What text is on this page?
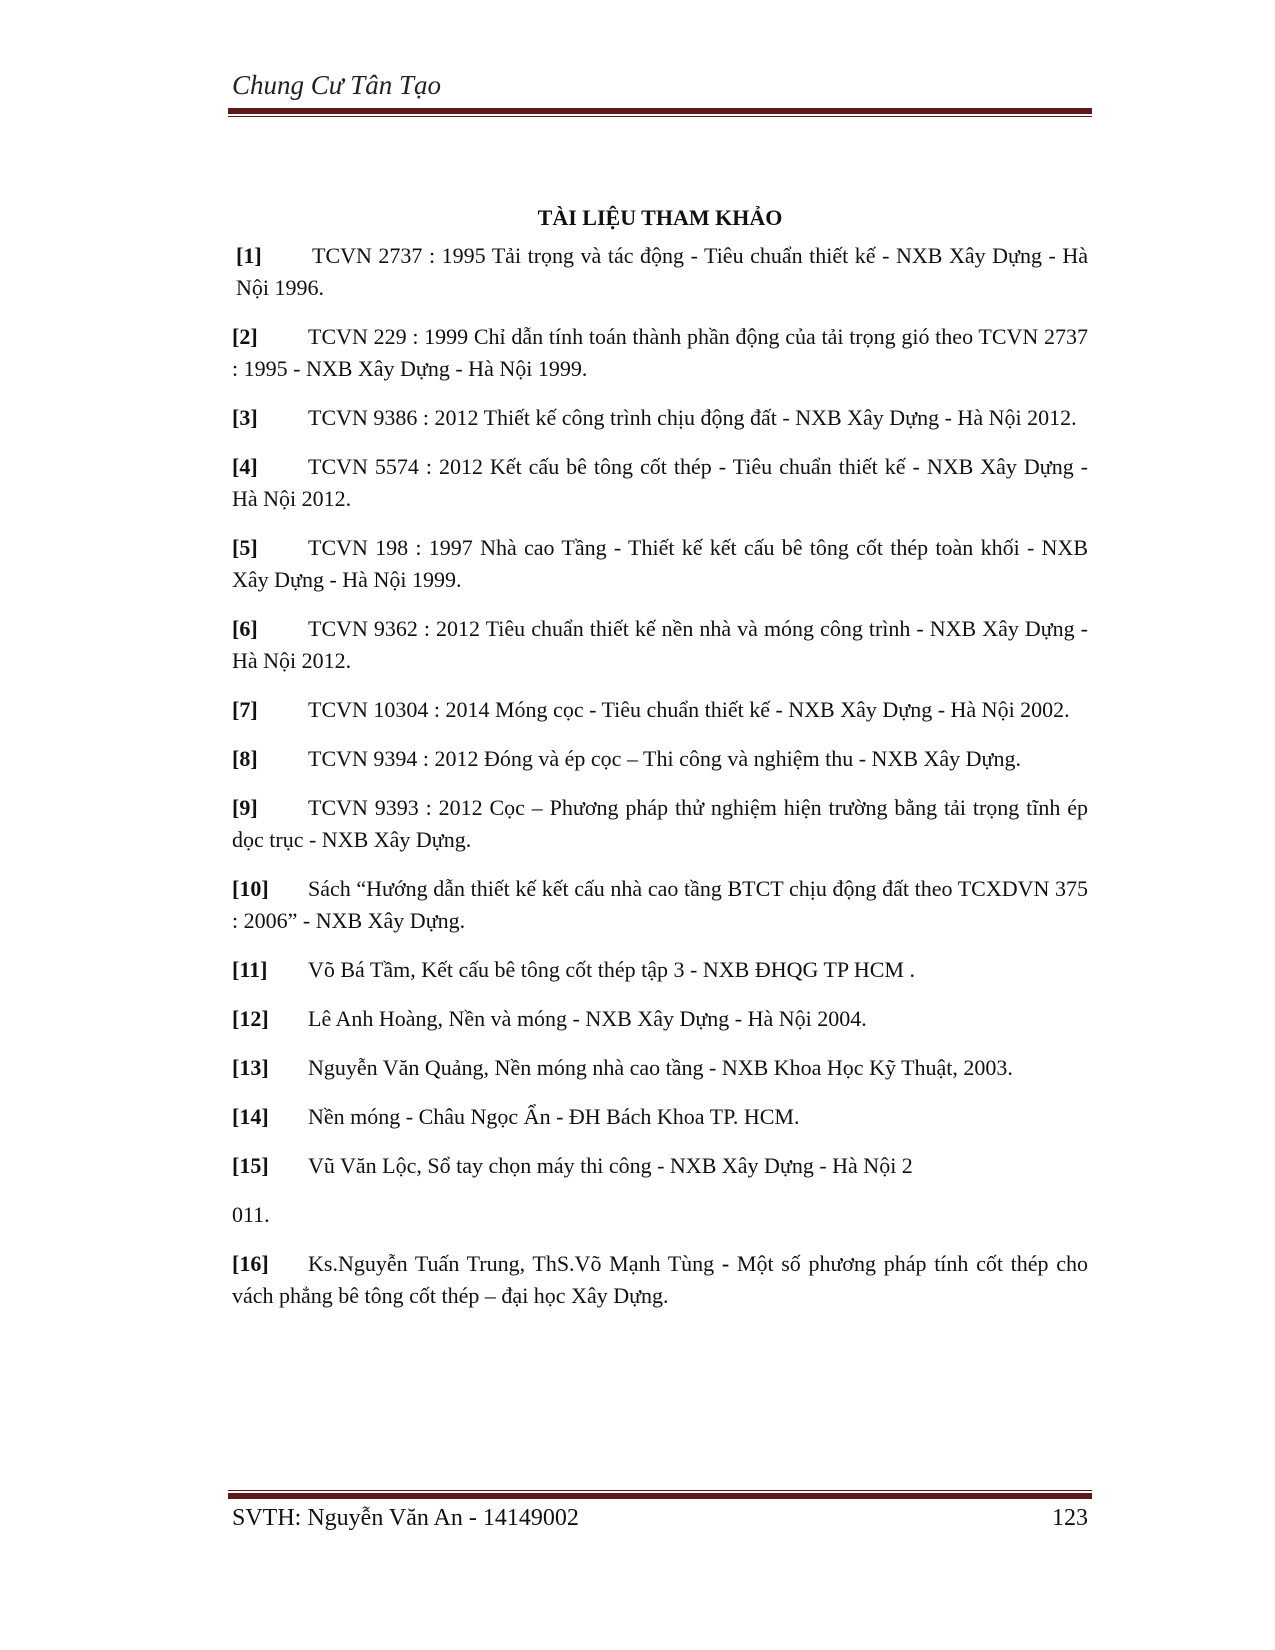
Chung Cư Tân Tạo
TÀI LIỆU THAM KHẢO
[1] TCVN 2737 : 1995 Tải trọng và tác động - Tiêu chuẩn thiết kế - NXB Xây Dựng - Hà Nội 1996.
[2] TCVN 229 : 1999 Chỉ dẫn tính toán thành phần động của tải trọng gió theo TCVN 2737 : 1995 - NXB Xây Dựng - Hà Nội 1999.
[3] TCVN 9386 : 2012 Thiết kế công trình chịu động đất - NXB Xây Dựng - Hà Nội 2012.
[4] TCVN 5574 : 2012 Kết cấu bê tông cốt thép - Tiêu chuẩn thiết kế - NXB Xây Dựng - Hà Nội 2012.
[5] TCVN 198 : 1997 Nhà cao Tầng - Thiết kế kết cấu bê tông cốt thép toàn khối - NXB Xây Dựng - Hà Nội 1999.
[6] TCVN 9362 : 2012 Tiêu chuẩn thiết kế nền nhà và móng công trình - NXB Xây Dựng - Hà Nội 2012.
[7] TCVN 10304 : 2014 Móng cọc - Tiêu chuẩn thiết kế - NXB Xây Dựng - Hà Nội 2002.
[8] TCVN 9394 : 2012 Đóng và ép cọc – Thi công và nghiệm thu - NXB Xây Dựng.
[9] TCVN 9393 : 2012 Cọc – Phương pháp thử nghiệm hiện trường bằng tải trọng tĩnh ép dọc trục - NXB Xây Dựng.
[10] Sách “Hướng dẫn thiết kế kết cấu nhà cao tầng BTCT chịu động đất theo TCXDVN 375 : 2006” - NXB Xây Dựng.
[11] Võ Bá Tầm, Kết cấu bê tông cốt thép tập 3 - NXB ĐHQG TP HCM .
[12] Lê Anh Hoàng, Nền và móng - NXB Xây Dựng - Hà Nội 2004.
[13] Nguyễn Văn Quảng, Nền móng nhà cao tầng - NXB Khoa Học Kỹ Thuật, 2003.
[14] Nền móng - Châu Ngọc Ẩn - ĐH Bách Khoa TP. HCM.
[15] Vũ Văn Lộc, Sổ tay chọn máy thi công - NXB Xây Dựng - Hà Nội 2
011.
[16] Ks.Nguyễn Tuấn Trung, ThS.Võ Mạnh Tùng - Một số phương pháp tính cốt thép cho vách phẳng bê tông cốt thép – đại học Xây Dựng.
SVTH: Nguyễn Văn An - 14149002	123
